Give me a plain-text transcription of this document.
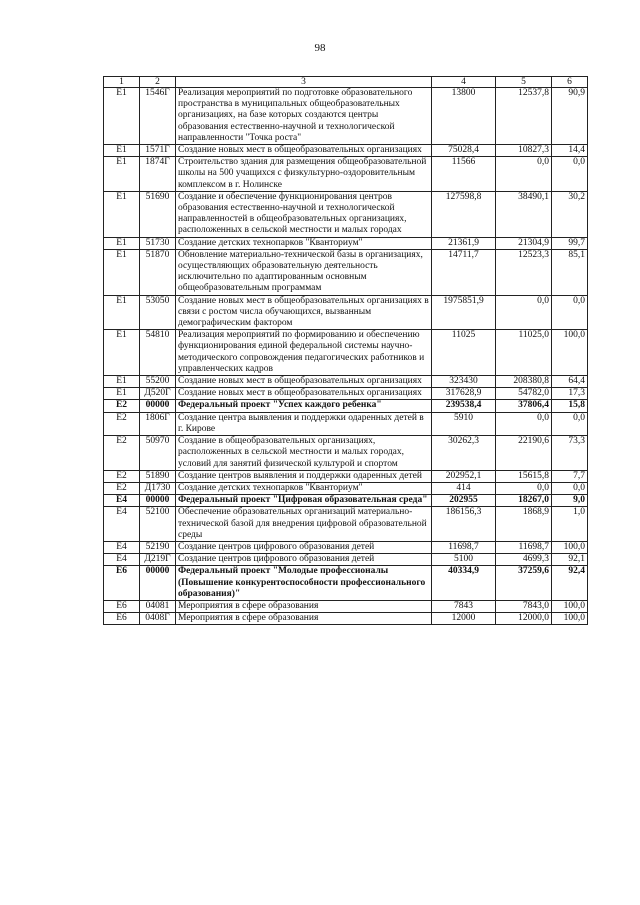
98
1	2	3	4	5	6
Е1	1546Г	Реализация мероприятий по подготовке образовательного пространства в муниципальных общеобразовательных организациях, на базе которых создаются центры образования естественно-научной и технологической направленности "Точка роста"	13800	12537,8	90,9
Е1	1571Г	Создание новых мест в общеобразовательных организациях	75028,4	10827,3	14,4
Е1	1874Г	Строительство здания для размещения общеобразовательной школы на 500 учащихся с физкультурно-оздоровительным комплексом в г. Нолинске	11566	0,0	0,0
Е1	51690	Создание и обеспечение функционирования центров образования естественно-научной и технологической направленностей в общеобразовательных организациях, расположенных в сельской местности и малых городах	127598,8	38490,1	30,2
Е1	51730	Создание детских технопарков "Кванториум"	21361,9	21304,9	99,7
Е1	51870	Обновление материально-технической базы в организациях, осуществляющих образовательную деятельность исключительно по адаптированным основным общеобразовательным программам	14711,7	12523,3	85,1
Е1	53050	Создание новых мест в общеобразовательных организациях в связи с ростом числа обучающихся, вызванным демографическим фактором	1975851,9	0,0	0,0
Е1	54810	Реализация мероприятий по формированию и обеспечению функционирования единой федеральной системы научно-методического сопровождения педагогических работников и управленческих кадров	11025	11025,0	100,0
Е1	55200	Создание новых мест в общеобразовательных организациях	323430	208380,8	64,4
Е1	Д520Г	Создание новых мест в общеобразовательных организациях	317628,9	54782,0	17,3
Е2	00000	Федеральный проект "Успех каждого ребенка"	239538,4	37806,4	15,8
Е2	1806Г	Создание центра выявления и поддержки одаренных детей в г. Кирове	5910	0,0	0,0
Е2	50970	Создание в общеобразовательных организациях, расположенных в сельской местности и малых городах, условий для занятий физической культурой и спортом	30262,3	22190,6	73,3
Е2	51890	Создание центров выявления и поддержки одаренных детей	202952,1	15615,8	7,7
Е2	Д1730	Создание детских технопарков "Кванториум"	414	0,0	0,0
Е4	00000	Федеральный проект "Цифровая образовательная среда"	202955	18267,0	9,0
Е4	52100	Обеспечение образовательных организаций материально-технической базой для внедрения цифровой образовательной среды	186156,3	1868,9	1,0
Е4	52190	Создание центров цифрового образования детей	11698,7	11698,7	100,0
Е4	Д219Г	Создание центров цифрового образования детей	5100	4699,3	92,1
Е6	00000	Федеральный проект "Молодые профессионалы (Повышение конкурентоспособности профессионального образования)"	40334,9	37259,6	92,4
Е6	04081	Мероприятия в сфере образования	7843	7843,0	100,0
Е6	0408Г	Мероприятия в сфере образования	12000	12000,0	100,0
